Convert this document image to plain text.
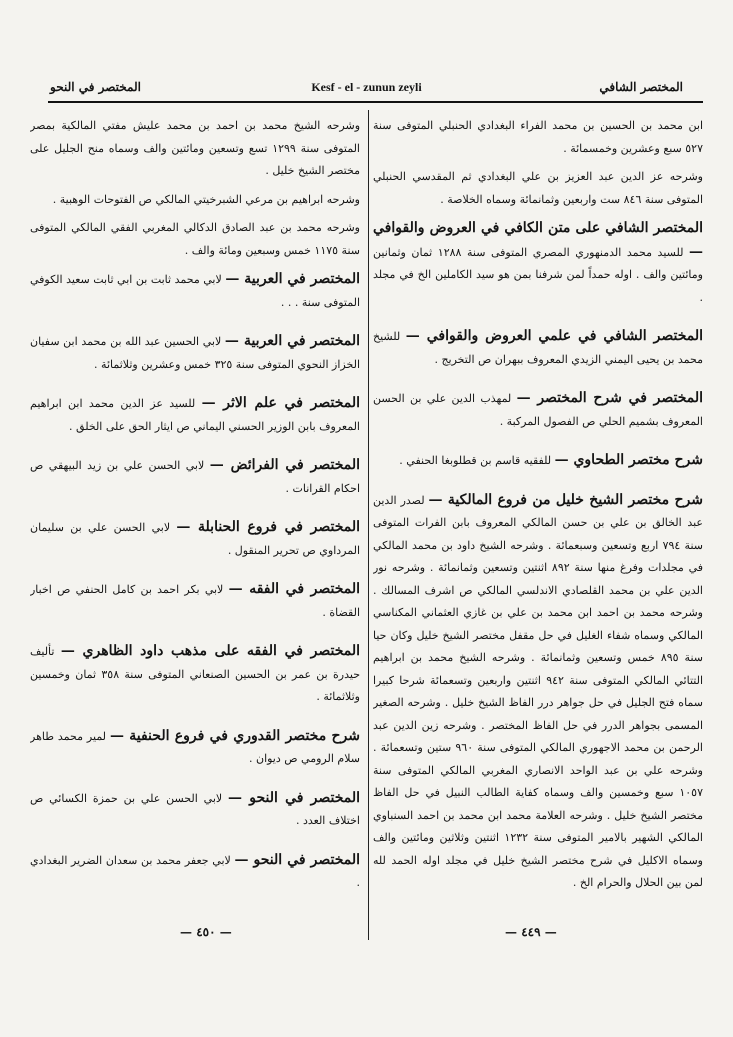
المختصر في النحو	Kesf - el - zunun zeyli	المختصر الشافي

ابن محمد بن الحسين بن محمد الفراء البغدادي الحنبلي المتوفى سنة ٥٢٧ سبع وعشرين وخمسمائة .

وشرحه عز الدين عبد العزيز بن علي البغدادي ثم المقدسي الحنبلي المتوفى سنة ٨٤٦ ست واربعين وثمانمائة وسماه الخلاصة .

المختصر الشافي على متن الكافي في العروض والقوافي — للسيد محمد الدمنهوري المصري المتوفى سنة ١٢٨٨ ثمان وثمانين ومائتين والف . اوله حمداً لمن شرفنا بمن هو سيد الكاملين الخ في مجلد .

المختصر الشافي في علمي العروض والقوافي — للشيخ محمد بن يحيى اليمني الزيدي المعروف ببهران ص التخريج .

المختصر في شرح المختصر — لمهذب الدين علي بن الحسن المعروف بشميم الحلي ص الفصول المركبة .

شرح مختصر الطحاوي — للفقيه قاسم بن قطلوبغا الحنفي .

شرح مختصر الشيخ خليل من فروع المالكية — لصدر الدين عبد الخالق بن علي بن حسن المالكي المعروف بابن الفرات المتوفى سنة ٧٩٤ اربع وتسعين وسبعمائة . وشرحه الشيخ داود بن محمد المالكي في مجلدات وفرغ منها سنة ٨٩٢ اثنتين وتسعين وثمانمائة . وشرحه نور الدين علي بن محمد القلصادي الاندلسي المالكي ص اشرف المسالك . وشرحه محمد بن احمد ابن محمد بن علي بن غازي العثماني المكناسي المالكي وسماه شفاء الغليل في حل مقفل مختصر الشيخ خليل وكان حيا سنة ٨٩٥ خمس وتسعين وثمانمائة . وشرحه الشيخ محمد بن ابراهيم التتائي المالكي المتوفى سنة ٩٤٢ اثنتين واربعين وتسعمائة شرحا كبيرا سماه فتح الجليل في حل جواهر درر الفاظ الشيخ خليل . وشرحه الصغير المسمى بجواهر الدرر في حل الفاظ المختصر . وشرحه زين الدين عبد الرحمن بن محمد الاجهوري المالكي المتوفى سنة ٩٦٠ ستين وتسعمائة . وشرحه علي بن عبد الواحد الانصاري المغربي المالكي المتوفى سنة ١٠٥٧ سبع وخمسين والف وسماه كفاية الطالب النبيل في حل الفاظ مختصر الشيخ خليل . وشرحه العلامة محمد ابن محمد بن احمد السنباوي المالكي الشهير بالامير المتوفى سنة ١٢٣٢ اثنتين وثلاثين ومائتين والف وسماه الاكليل في شرح مختصر الشيخ خليل في مجلد اوله الحمد لله لمن بين الحلال والحرام الخ .

وشرحه الشيخ محمد بن احمد بن محمد عليش مفتي المالكية بمصر المتوفى سنة ١٢٩٩ تسع وتسعين ومائتين والف وسماه منح الجليل على مختصر الشيخ خليل .

وشرحه ابراهيم بن مرعي الشبرخيتي المالكي ص الفتوحات الوهبية .

وشرحه محمد بن عبد الصادق الدكالي المغربي الفقي المالكي المتوفى سنة ١١٧٥ خمس وسبعين ومائة والف .

المختصر في العربية — لابي محمد ثابت بن ابي ثابت سعيد الكوفي المتوفى سنة . . .

المختصر في العربية — لابي الحسين عبد الله بن محمد ابن سفيان الخزاز النحوي المتوفى سنة ٣٢٥ خمس وعشرين وثلاثمائة .

المختصر في علم الاثر — للسيد عز الدين محمد ابن ابراهيم المعروف بابن الوزير الحسني اليماني ص ايثار الحق على الخلق .

المختصر في الفرائض — لابي الحسن علي بن زيد البيهقي ص احكام القرانات .

المختصر في فروع الحنابلة — لابي الحسن علي بن سليمان المرداوي ص تحرير المنقول .

المختصر في الفقه — لابي بكر احمد بن كامل الحنفي ص اخبار القضاة .

المختصر في الفقه على مذهب داود الظاهري — تأليف حيدرة بن عمر بن الحسين الصنعاني المتوفى سنة ٣٥٨ ثمان وخمسين وثلاثمائة .

شرح مختصر القدوري في فروع الحنفية — لمير محمد طاهر سلام الرومي ص ديوان .

المختصر في النحو — لابي الحسن علي بن حمزة الكسائي ص اختلاف العدد .

المختصر في النحو — لابي جعفر محمد بن سعدان الضرير البغدادي .

— ٤٤٩ —
— ٤٥٠ —
